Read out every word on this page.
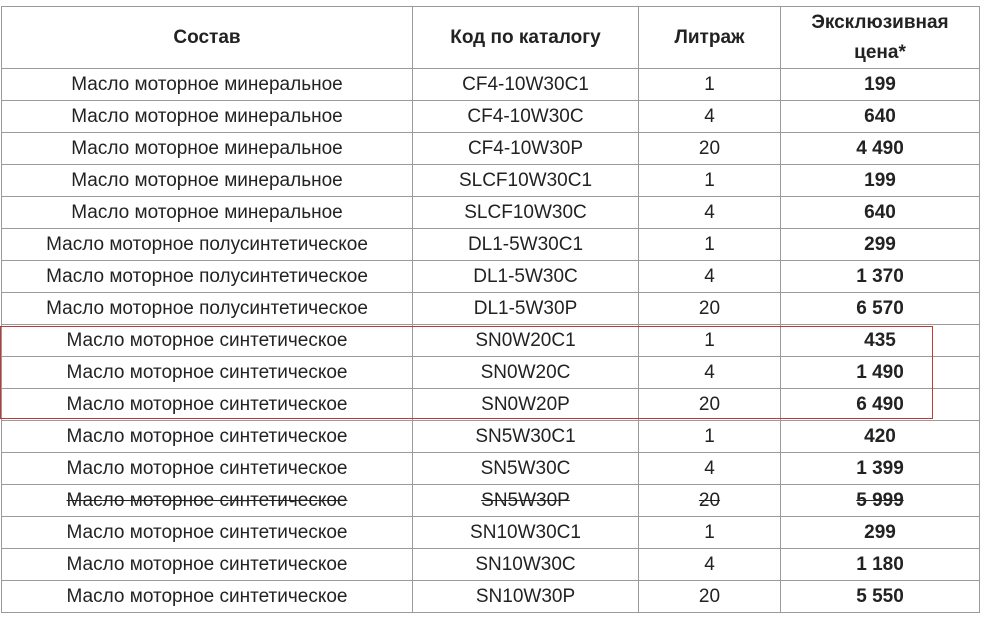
Состав	Код по каталогу	Литраж	Эксклюзивная
цена*
Масло моторное минеральное	CF4-10W30C1	1	199
Масло моторное минеральное	CF4-10W30C	4	640
Масло моторное минеральное	CF4-10W30P	20	4 490
Масло моторное минеральное	SLCF10W30C1	1	199
Масло моторное минеральное	SLCF10W30C	4	640
Масло моторное полусинтетическое	DL1-5W30C1	1	299
Масло моторное полусинтетическое	DL1-5W30C	4	1 370
Масло моторное полусинтетическое	DL1-5W30P	20	6 570
Масло моторное синтетическое	SN0W20C1	1	435
Масло моторное синтетическое	SN0W20C	4	1 490
Масло моторное синтетическое	SN0W20P	20	6 490
Масло моторное синтетическое	SN5W30C1	1	420
Масло моторное синтетическое	SN5W30C	4	1 399
Масло моторное синтетическое	SN5W30P	20	5 999
Масло моторное синтетическое	SN10W30C1	1	299
Масло моторное синтетическое	SN10W30C	4	1 180
Масло моторное синтетическое	SN10W30P	20	5 550
